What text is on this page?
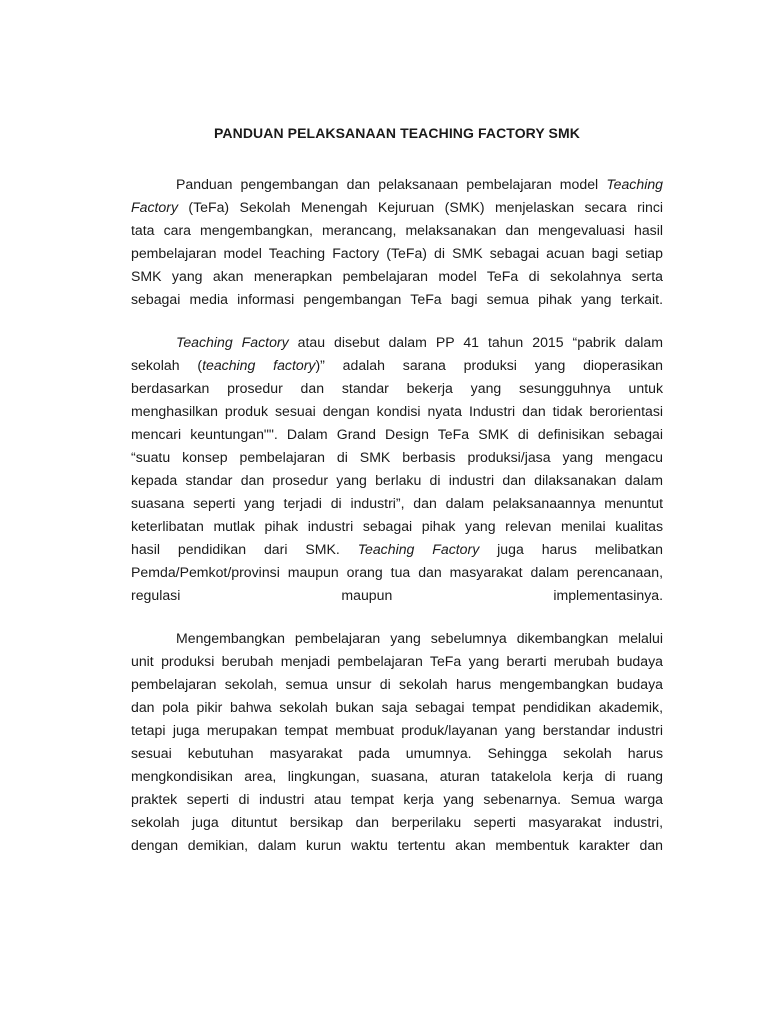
PANDUAN PELAKSANAAN TEACHING FACTORY SMK
Panduan pengembangan dan pelaksanaan pembelajaran model Teaching
Factory (TeFa) Sekolah Menengah Kejuruan (SMK) menjelaskan secara rinci
tata cara mengembangkan, merancang, melaksanakan dan mengevaluasi hasil
pembelajaran model Teaching Factory (TeFa) di SMK sebagai acuan bagi setiap
SMK yang akan menerapkan pembelajaran model TeFa di sekolahnya serta
sebagai media informasi pengembangan TeFa bagi semua pihak yang terkait.
Teaching Factory atau disebut dalam PP 41 tahun 2015 “pabrik dalam
sekolah (teaching factory)” adalah sarana produksi yang dioperasikan
berdasarkan prosedur dan standar bekerja yang sesungguhnya untuk
menghasilkan produk sesuai dengan kondisi nyata Industri dan tidak berorientasi
mencari keuntungan"". Dalam Grand Design TeFa SMK di definisikan sebagai
“suatu konsep pembelajaran di SMK berbasis produksi/jasa yang mengacu
kepada standar dan prosedur yang berlaku di industri dan dilaksanakan dalam
suasana seperti yang terjadi di industri”, dan dalam pelaksanaannya menuntut
keterlibatan mutlak pihak industri sebagai pihak yang relevan menilai kualitas
hasil pendidikan dari SMK. Teaching Factory juga harus melibatkan
Pemda/Pemkot/provinsi maupun orang tua dan masyarakat dalam perencanaan,
regulasi maupun implementasinya.
Mengembangkan pembelajaran yang sebelumnya dikembangkan melalui
unit produksi berubah menjadi pembelajaran TeFa yang berarti merubah budaya
pembelajaran sekolah, semua unsur di sekolah harus mengembangkan budaya
dan pola pikir bahwa sekolah bukan saja sebagai tempat pendidikan akademik,
tetapi juga merupakan tempat membuat produk/layanan yang berstandar industri
sesuai kebutuhan masyarakat pada umumnya. Sehingga sekolah harus
mengkondisikan area, lingkungan, suasana, aturan tatakelola kerja di ruang
praktek seperti di industri atau tempat kerja yang sebenarnya. Semua warga
sekolah juga dituntut bersikap dan berperilaku seperti masyarakat industri,
dengan demikian, dalam kurun waktu tertentu akan membentuk karakter dan
